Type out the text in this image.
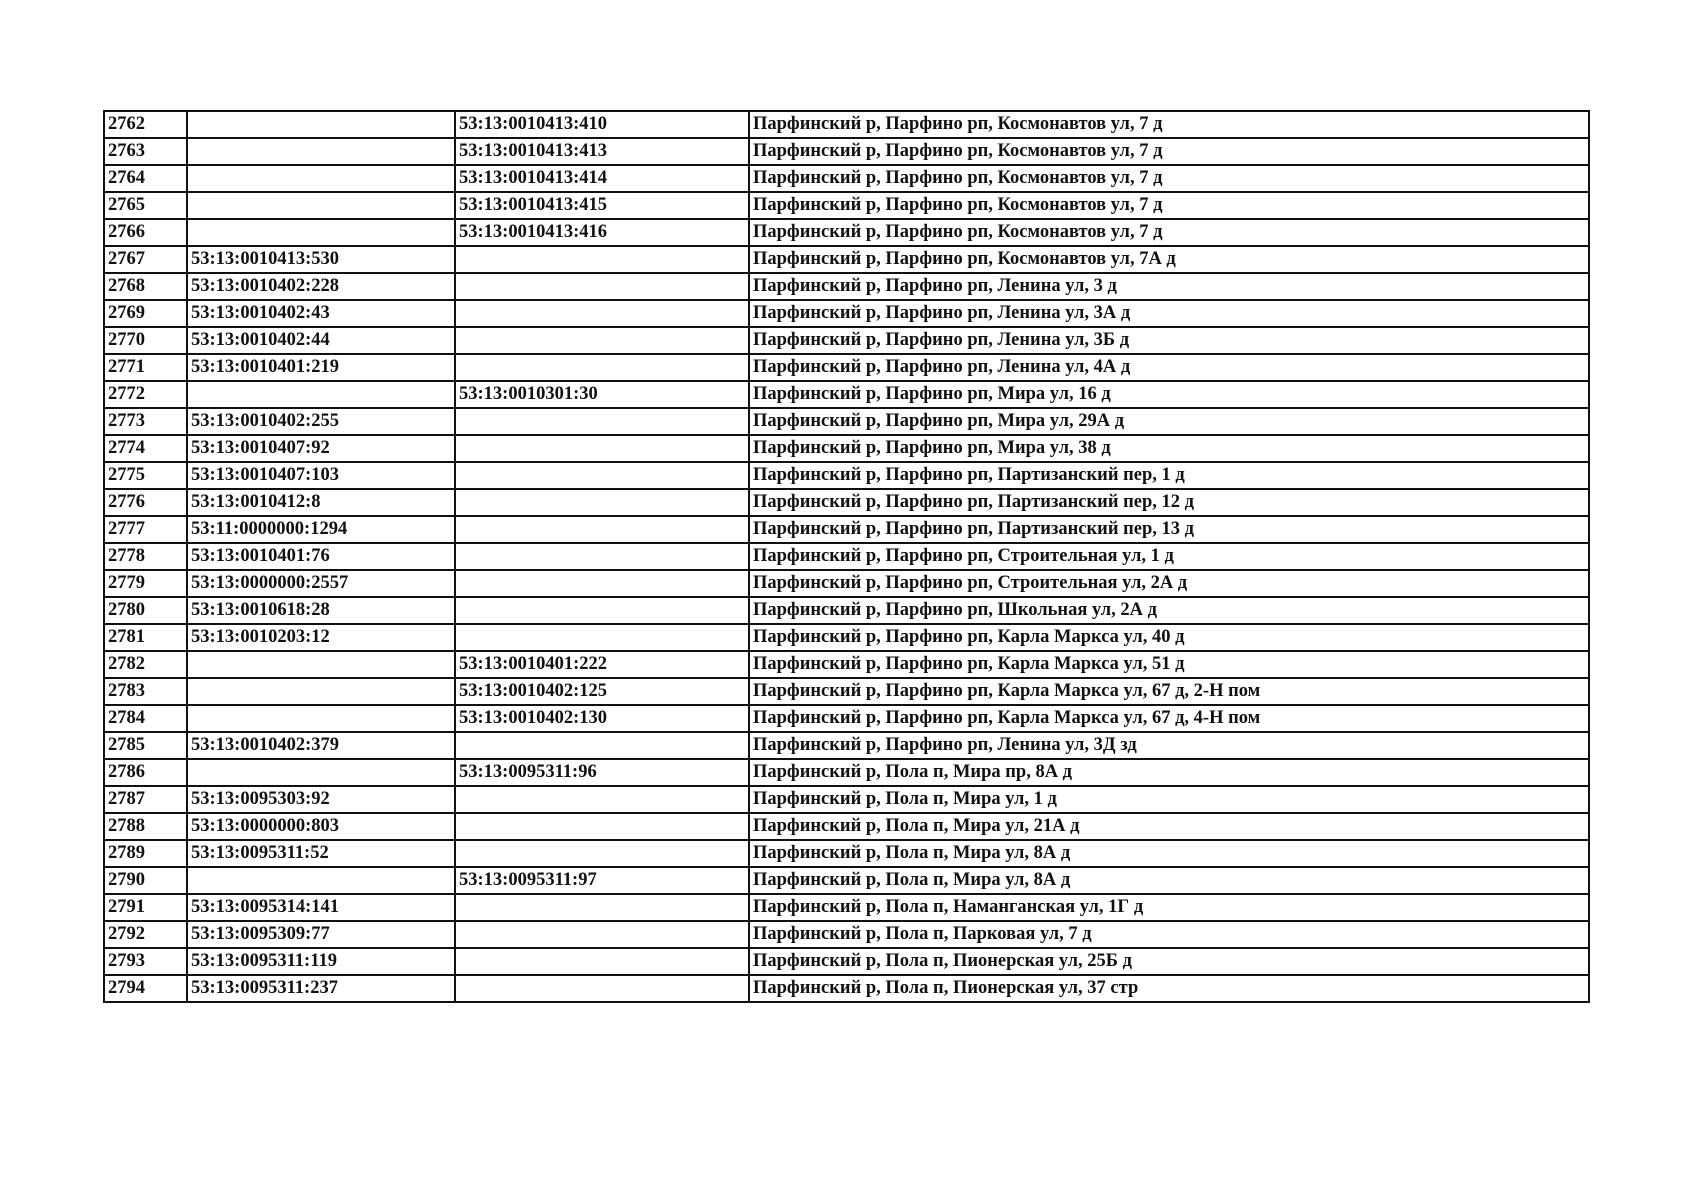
2762		53:13:0010413:410	Парфинский р, Парфино рп, Космонавтов ул, 7 д
2763		53:13:0010413:413	Парфинский р, Парфино рп, Космонавтов ул, 7 д
2764		53:13:0010413:414	Парфинский р, Парфино рп, Космонавтов ул, 7 д
2765		53:13:0010413:415	Парфинский р, Парфино рп, Космонавтов ул, 7 д
2766		53:13:0010413:416	Парфинский р, Парфино рп, Космонавтов ул, 7 д
2767	53:13:0010413:530		Парфинский р, Парфино рп, Космонавтов ул, 7А д
2768	53:13:0010402:228		Парфинский р, Парфино рп, Ленина ул, 3 д
2769	53:13:0010402:43		Парфинский р, Парфино рп, Ленина ул, 3А д
2770	53:13:0010402:44		Парфинский р, Парфино рп, Ленина ул, 3Б д
2771	53:13:0010401:219		Парфинский р, Парфино рп, Ленина ул, 4А д
2772		53:13:0010301:30	Парфинский р, Парфино рп, Мира ул, 16 д
2773	53:13:0010402:255		Парфинский р, Парфино рп, Мира ул, 29А д
2774	53:13:0010407:92		Парфинский р, Парфино рп, Мира ул, 38 д
2775	53:13:0010407:103		Парфинский р, Парфино рп, Партизанский пер, 1 д
2776	53:13:0010412:8		Парфинский р, Парфино рп, Партизанский пер, 12 д
2777	53:11:0000000:1294		Парфинский р, Парфино рп, Партизанский пер, 13 д
2778	53:13:0010401:76		Парфинский р, Парфино рп, Строительная ул, 1 д
2779	53:13:0000000:2557		Парфинский р, Парфино рп, Строительная ул, 2А д
2780	53:13:0010618:28		Парфинский р, Парфино рп, Школьная ул, 2А д
2781	53:13:0010203:12		Парфинский р, Парфино рп, Карла Маркса ул, 40 д
2782		53:13:0010401:222	Парфинский р, Парфино рп, Карла Маркса ул, 51 д
2783		53:13:0010402:125	Парфинский р, Парфино рп, Карла Маркса ул, 67 д, 2-Н пом
2784		53:13:0010402:130	Парфинский р, Парфино рп, Карла Маркса ул, 67 д, 4-Н пом
2785	53:13:0010402:379		Парфинский р, Парфино рп, Ленина ул, 3Д зд
2786		53:13:0095311:96	Парфинский р, Пола п, Мира пр, 8А д
2787	53:13:0095303:92		Парфинский р, Пола п, Мира ул, 1 д
2788	53:13:0000000:803		Парфинский р, Пола п, Мира ул, 21А д
2789	53:13:0095311:52		Парфинский р, Пола п, Мира ул, 8А д
2790		53:13:0095311:97	Парфинский р, Пола п, Мира ул, 8А д
2791	53:13:0095314:141		Парфинский р, Пола п, Наманганская ул, 1Г д
2792	53:13:0095309:77		Парфинский р, Пола п, Парковая ул, 7 д
2793	53:13:0095311:119		Парфинский р, Пола п, Пионерская ул, 25Б д
2794	53:13:0095311:237		Парфинский р, Пола п, Пионерская ул, 37 стр
